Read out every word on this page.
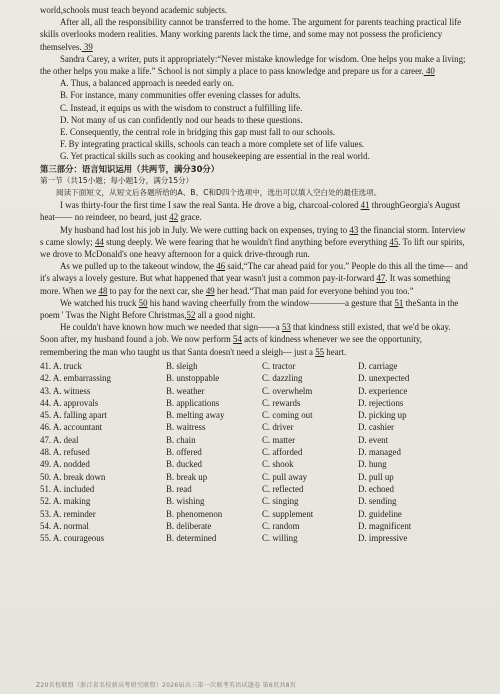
world,schools must teach beyond academic subjects.

After all, all the responsibility cannot be transferred to the home. The argument for parents teaching practical life skills overlooks modern realities. Many working parents lack the time, and some may not possess the proficiency themselves. 39

Sandra Carey, a writer, puts it appropriately:“Never mistake knowledge for wisdom. One helps you make a living; the other helps you make a life.” School is not simply a place to pass knowledge and prepare us for a career. 40

A. Thus, a balanced approach is needed early on.

B. For instance, many communities offer evening classes for adults.

C. Instead, it equips us with the wisdom to construct a fulfilling life.

D. Not many of us can confidently nod our heads to these questions.

E. Consequently, the central role in bridging this gap must fall to our schools.

F. By integrating practical skills, schools can teach a more complete set of life values.

G. Yet practical skills such as cooking and housekeeping are essential in the real world.

第三部分：语言知识运用（共两节，满分30分）

第一节（共15小题；每小题1分，满分15分）

阅读下面短文，从短文后各题所给的A、B、C和D四个选项中，选出可以填入空白处的最佳选项。

I was thirty-four the first time I saw the real Santa. He drove a big, charcoal-colored 41 throughGeorgia's August heat—— no reindeer, no beard, just 42 grace.

My husband had lost his job in July. We were cutting back on expenses, trying to 43 the financial storm. Interview s came slowly; 44 stung deeply. We were fearing that he wouldn't find anything before everything 45. To lift our spirits, we drove to McDonald's one heavy afternoon for a quick drive-through run.

As we pulled up to the takeout window, the 46 said,“The car ahead paid for you.” People do this all the time— and it's always a lovely gesture. But what happened that year wasn't just a common pay-it-forward 47. It was something more. When we 48 to pay for the next car, she 49 her head.“That man paid for everyone behind you too.”

We watched his truck 50 his hand waving cheerfully from the window————a gesture that 51 theSanta in the poem ' Twas the Night Before Christmas,52 all a good night.

He couldn't have known how much we needed that sign——a 53 that kindness still existed, that we'd be okay. Soon after, my husband found a job. We now perform 54 acts of kindness whenever we see the opportunity, remembering the man who taught us that Santa doesn't need a sleigh— just a 55 heart.

41. A. truck	B. sleigh	C. tractor	D. carriage
42. A. embarrassing	B. unstoppable	C. dazzling	D. unexpected
43. A. witness	B. weather	C. overwhelm	D. experience
44. A. approvals	B. applications	C. rewards	D. rejections
45. A. falling apart	B. melting away	C. coming out	D. picking up
46. A. accountant	B. waitress	C. driver	D. cashier
47. A. deal	B. chain	C. matter	D. event
48. A. refused	B. offered	C. afforded	D. managed
49. A. nodded	B. ducked	C. shook	D. hung
50. A. break down	B. break up	C. pull away	D. pull up
51. A. included	B. read	C. reflected	D. echoed
52. A. making	B. wishing	C. singing	D. sending
53. A. reminder	B. phenomenon	C. supplement	D. guideline
54. A. normal	B. deliberate	C. random	D. magnificent
55. A. courageous	B. determined	C. willing	D. impressive
Z20名校联盟（浙江省名校新高考研究联盟）2026届高三第一次联考英语试题卷 第6页共8页
